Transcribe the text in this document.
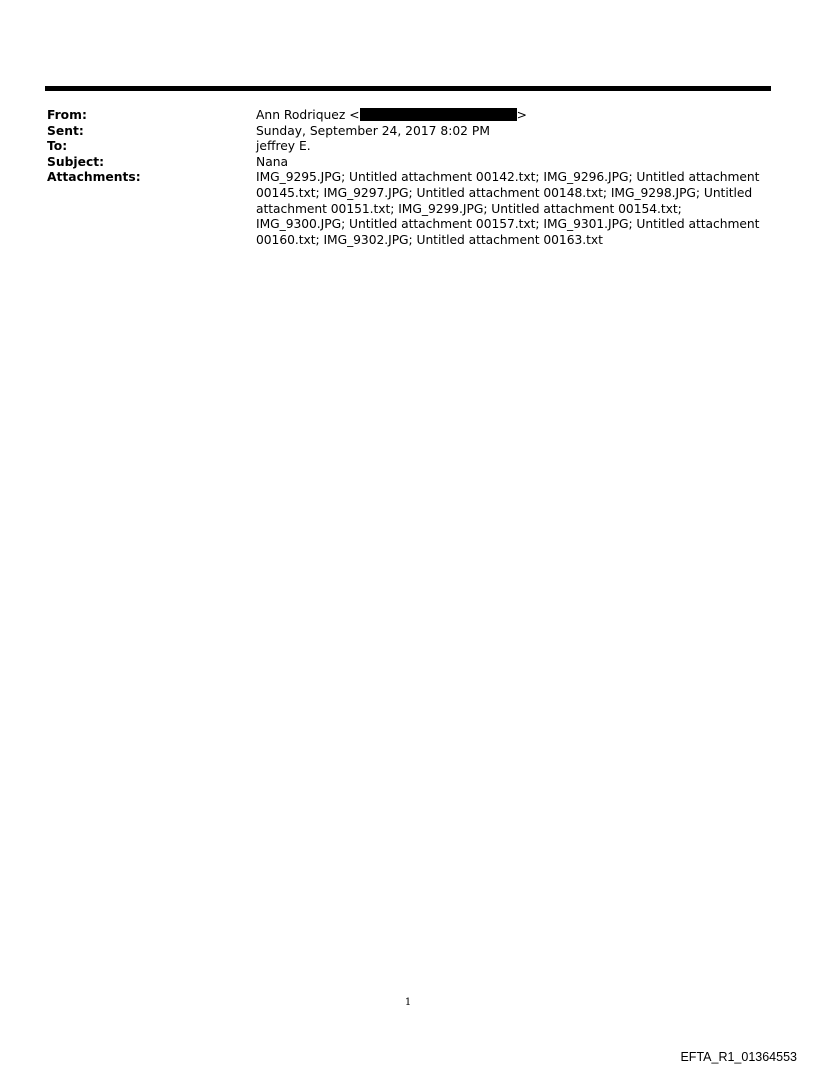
From:	Ann Rodriquez <	>
Sent:	Sunday, September 24, 2017 8:02 PM
To:	jeffrey E.
Subject:	Nana
Attachments:	IMG_9295.JPG; Untitled attachment 00142.txt; IMG_9296.JPG; Untitled attachment 00145.txt; IMG_9297.JPG; Untitled attachment 00148.txt; IMG_9298.JPG; Untitled attachment 00151.txt; IMG_9299.JPG; Untitled attachment 00154.txt; IMG_9300.JPG; Untitled attachment 00157.txt; IMG_9301.JPG; Untitled attachment 00160.txt; IMG_9302.JPG; Untitled attachment 00163.txt
1
EFTA_R1_01364553
